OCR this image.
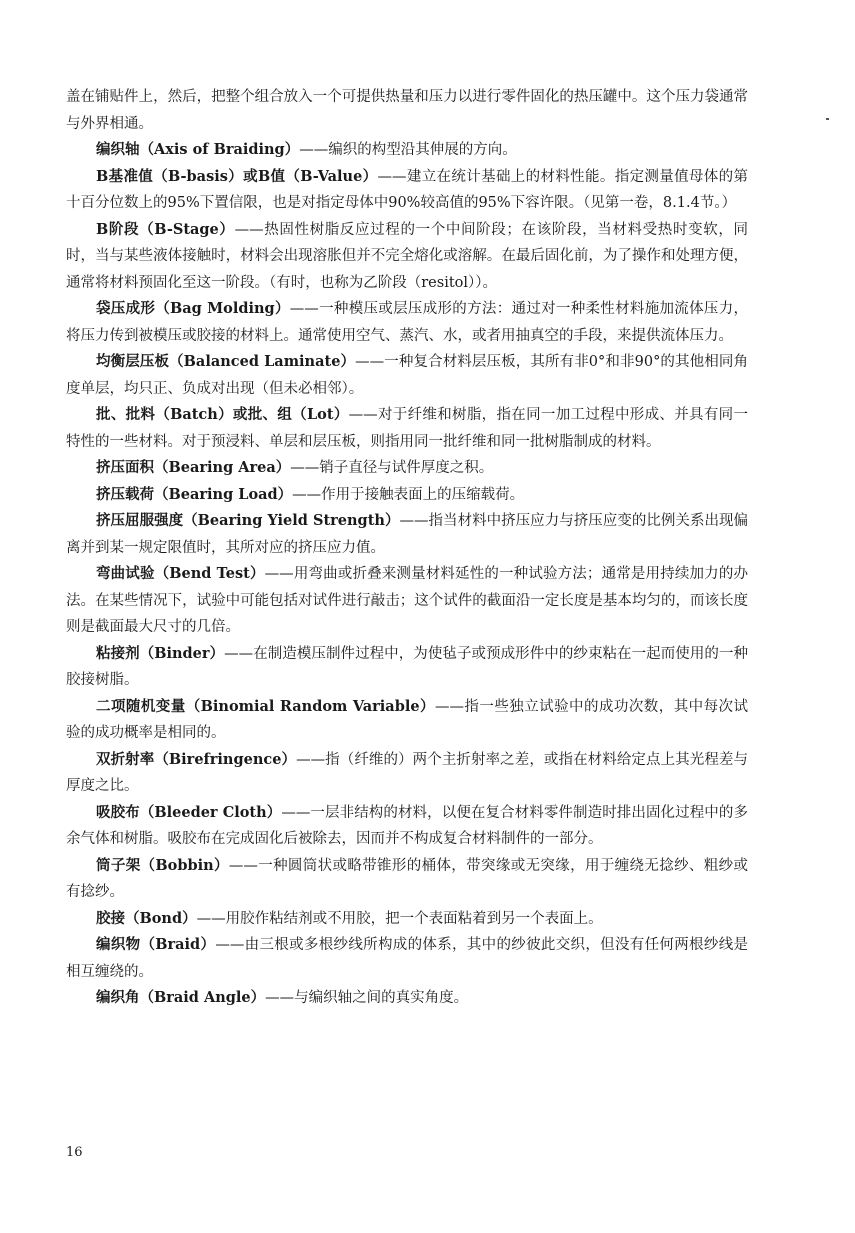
盖在铺贴件上，然后，把整个组合放入一个可提供热量和压力以进行零件固化的热压罐中。这个压力袋通常与外界相通。

编织轴（Axis of Braiding）——编织的构型沿其伸展的方向。

B基准值（B-basis）或B值（B-Value）——建立在统计基础上的材料性能。指定测量值母体的第十百分位数上的95%下置信限，也是对指定母体中90%较高值的95%下容许限。（见第一卷，8.1.4节。）

B阶段（B-Stage）——热固性树脂反应过程的一个中间阶段；在该阶段，当材料受热时变软，同时，当与某些液体接触时，材料会出现溶胀但并不完全熔化或溶解。在最后固化前，为了操作和处理方便，通常将材料预固化至这一阶段。（有时，也称为乙阶段（resitol））。

袋压成形（Bag Molding）——一种模压或层压成形的方法：通过对一种柔性材料施加流体压力，将压力传到被模压或胶接的材料上。通常使用空气、蒸汽、水，或者用抽真空的手段，来提供流体压力。

均衡层压板（Balanced Laminate）——一种复合材料层压板，其所有非0°和非90°的其他相同角度单层，均只正、负成对出现（但未必相邻）。

批、批料（Batch）或批、组（Lot）——对于纤维和树脂，指在同一加工过程中形成、并具有同一特性的一些材料。对于预浸料、单层和层压板，则指用同一批纤维和同一批树脂制成的材料。

挤压面积（Bearing Area）——销子直径与试件厚度之积。

挤压载荷（Bearing Load）——作用于接触表面上的压缩载荷。

挤压屈服强度（Bearing Yield Strength）——指当材料中挤压应力与挤压应变的比例关系出现偏离并到某一规定限值时，其所对应的挤压应力值。

弯曲试验（Bend Test）——用弯曲或折叠来测量材料延性的一种试验方法；通常是用持续加力的办法。在某些情况下，试验中可能包括对试件进行敲击；这个试件的截面沿一定长度是基本均匀的，而该长度则是截面最大尺寸的几倍。

粘接剂（Binder）——在制造模压制件过程中，为使毡子或预成形件中的纱束粘在一起而使用的一种胶接树脂。

二项随机变量（Binomial Random Variable）——指一些独立试验中的成功次数，其中每次试验的成功概率是相同的。

双折射率（Birefringence）——指（纤维的）两个主折射率之差，或指在材料给定点上其光程差与厚度之比。

吸胶布（Bleeder Cloth）——一层非结构的材料，以便在复合材料零件制造时排出固化过程中的多余气体和树脂。吸胶布在完成固化后被除去，因而并不构成复合材料制件的一部分。

筒子架（Bobbin）——一种圆筒状或略带锥形的桶体，带突缘或无突缘，用于缠绕无捻纱、粗纱或有捻纱。

胶接（Bond）——用胶作粘结剂或不用胶，把一个表面粘着到另一个表面上。

编织物（Braid）——由三根或多根纱线所构成的体系，其中的纱彼此交织，但没有任何两根纱线是相互缠绕的。

编织角（Braid Angle）——与编织轴之间的真实角度。

16
